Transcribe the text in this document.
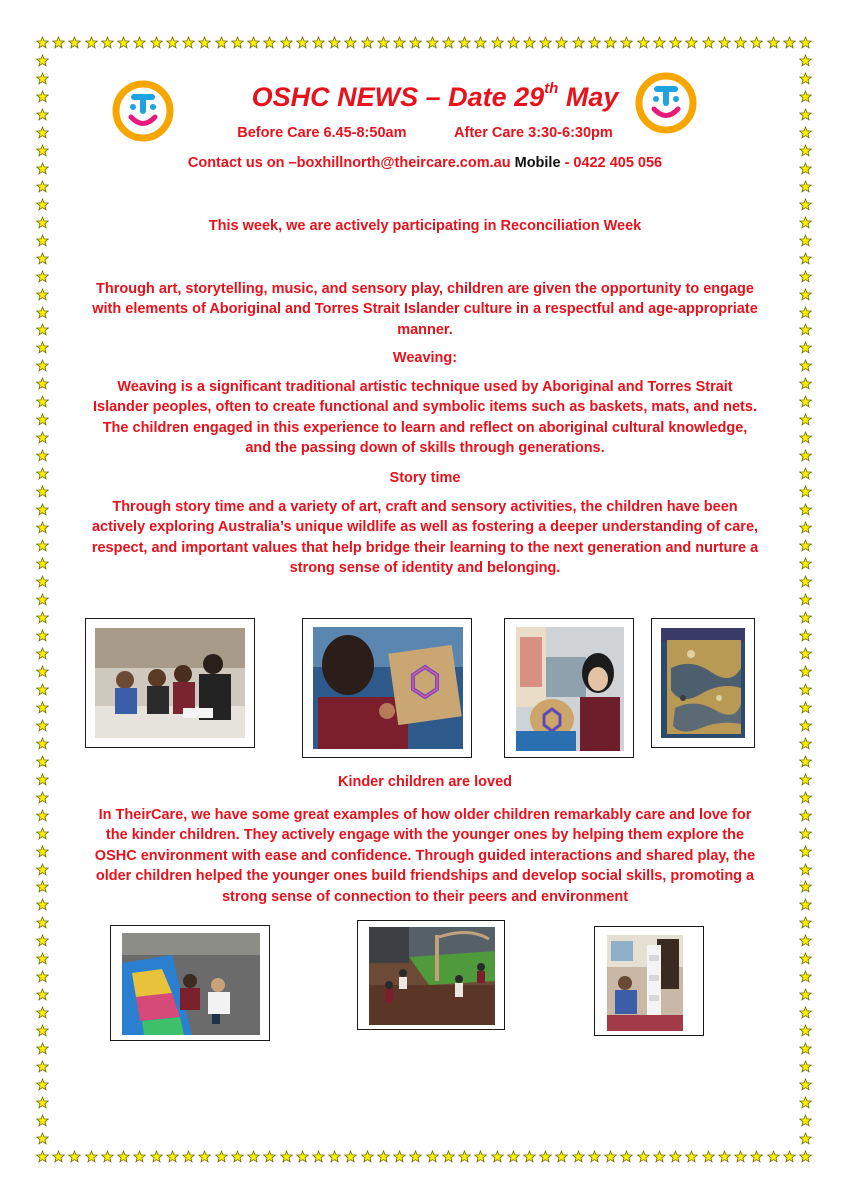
OSHC NEWS – Date 29th May
Before Care 6.45-8:50am	After Care 3:30-6:30pm
Contact us on –boxhillnorth@theircare.com.au Mobile - 0422 405 056
This week, we are actively participating in Reconciliation Week
Through art, storytelling, music, and sensory play, children are given the opportunity to engage with elements of Aboriginal and Torres Strait Islander culture in a respectful and age-appropriate manner.
Weaving:
Weaving is a significant traditional artistic technique used by Aboriginal and Torres Strait Islander peoples, often to create functional and symbolic items such as baskets, mats, and nets. The children engaged in this experience to learn and reflect on aboriginal cultural knowledge, and the passing down of skills through generations.
Story time
Through story time and a variety of art, craft and sensory activities, the children have been actively exploring Australia’s unique wildlife as well as fostering a deeper understanding of care, respect, and important values that help bridge their learning to the next generation and nurture a strong sense of identity and belonging.
Kinder children are loved
In TheirCare, we have some great examples of how older children remarkably care and love for the kinder children. They actively engage with the younger ones by helping them explore the OSHC environment with ease and confidence. Through guided interactions and shared play, the older children helped the younger ones build friendships and develop social skills, promoting a strong sense of connection to their peers and environment
